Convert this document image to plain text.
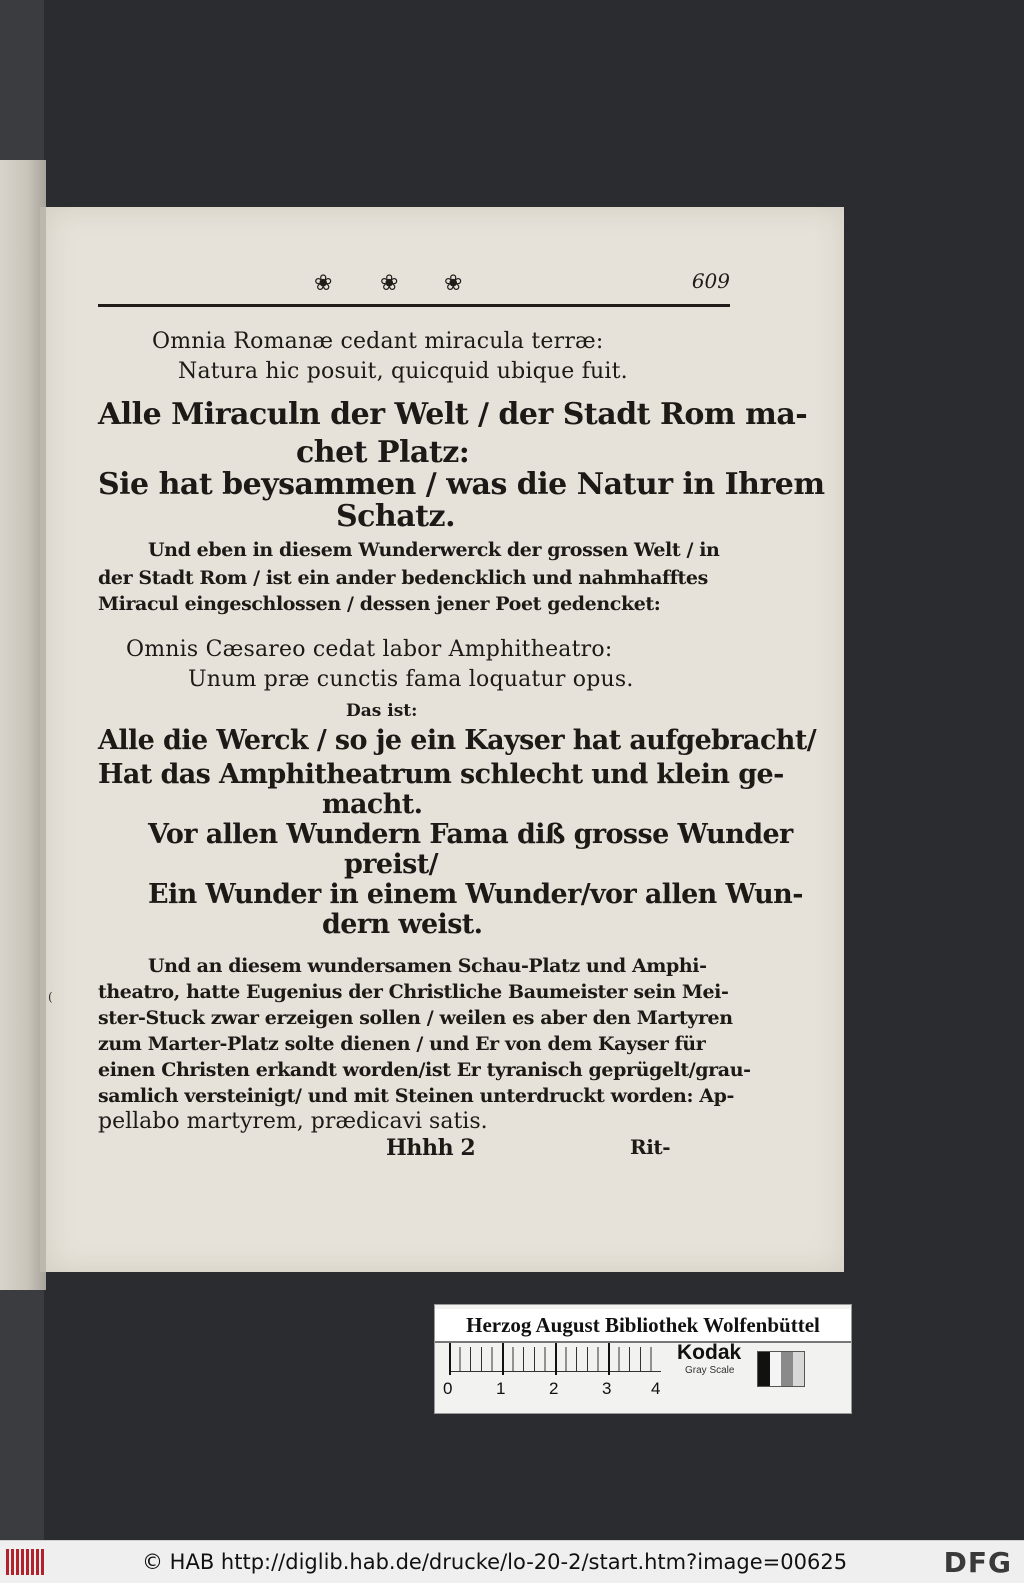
❀ ❀ ❀	609
Omnia Romanæ cedant miracula terræ:
Natura hic posuit, quicquid ubique fuit.
Alle Miraculn der Welt / der Stadt Rom ma-
chet Platz:
Sie hat beysammen / was die Natur in Ihrem
Schatz.
Und eben in diesem Wunderwerck der grossen Welt / in
der Stadt Rom / ist ein ander bedencklich und nahmhafftes
Miracul eingeschlossen / dessen jener Poet gedencket:
Omnis Cæsareo cedat labor Amphitheatro:
Unum præ cunctis fama loquatur opus.
Das ist:
Alle die Werck / so je ein Kayser hat aufgebracht/
Hat das Amphitheatrum schlecht und klein ge-
macht.
Vor allen Wundern Fama diß grosse Wunder
preist/
Ein Wunder in einem Wunder/vor allen Wun-
dern weist.
Und an diesem wundersamen Schau-Platz und Amphi-
theatro, hatte Eugenius der Christliche Baumeister sein Mei-
ster-Stuck zwar erzeigen sollen / weilen es aber den Martyren
zum Marter-Platz solte dienen / und Er von dem Kayser für
einen Christen erkandt worden/ist Er tyranisch geprügelt/grau-
samlich versteinigt/ und mit Steinen unterdruckt worden: Ap-
pellabo martyrem, prædicavi satis.
Hhhh 2	Rit-
(
Herzog August Bibliothek Wolfenbüttel
0	1	2	3 4
Kodak
Gray Scale
© HAB http://diglib.hab.de/drucke/lo-20-2/start.htm?image=00625	DFG
